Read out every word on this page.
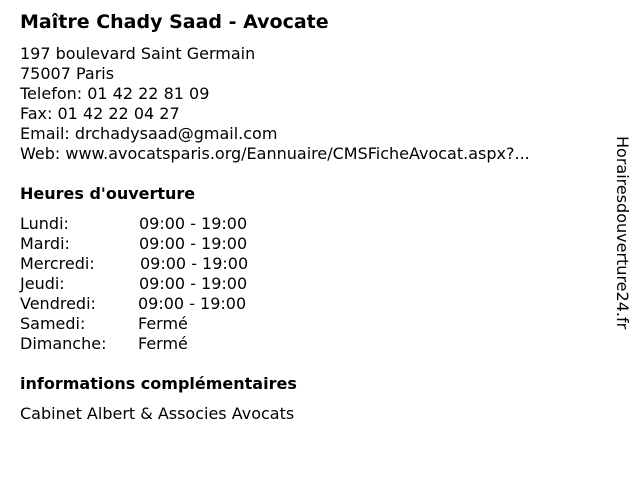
Maître Chady Saad - Avocate
197 boulevard Saint Germain
75007 Paris
Telefon: 01 42 22 81 09
Fax: 01 42 22 04 27
Email: drchadysaad@gmail.com
Web: www.avocatsparis.org/Eannuaire/CMSFicheAvocat.aspx?...
Heures d'ouverture
Lundi:	09:00 - 19:00
Mardi:	09:00 - 19:00
Mercredi:	09:00 - 19:00
Jeudi:	09:00 - 19:00
Vendredi:	09:00 - 19:00
Samedi:	Fermé
Dimanche: Fermé
informations complémentaires
Cabinet Albert & Associes Avocats
Horairesdouverture24.fr
